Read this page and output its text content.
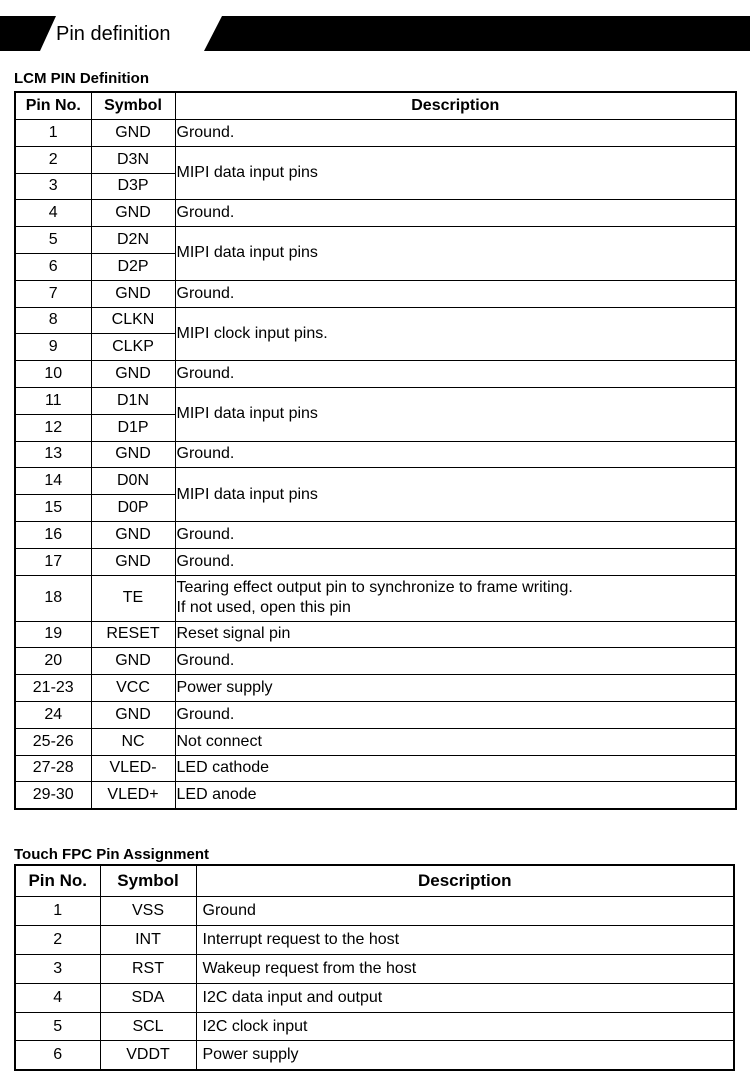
Pin definition
LCM PIN Definition
Pin No.	Symbol	Description
1	GND	Ground.
2	D3N	MIPI data input pins
3	D3P	
4	GND	Ground.
5	D2N	MIPI data input pins
6	D2P	
7	GND	Ground.
8	CLKN	MIPI clock input pins.
9	CLKP	
10	GND	Ground.
11	D1N	MIPI data input pins
12	D1P	
13	GND	Ground.
14	D0N	MIPI data input pins
15	D0P	
16	GND	Ground.
17	GND	Ground.
18	TE	Tearing effect output pin to synchronize to frame writing.
If not used, open this pin

19	RESET	Reset signal pin
20	GND	Ground.
21-23	VCC	Power supply
24	GND	Ground.
25-26	NC	Not connect
27-28	VLED-	LED cathode
29-30	VLED+	LED anode
Touch FPC Pin Assignment
Pin No.	Symbol	Description
1	VSS	Ground
2	INT	Interrupt request to the host
3	RST	Wakeup request from the host
4	SDA	I2C data input and output
5	SCL	I2C clock input
6	VDDT	Power supply
